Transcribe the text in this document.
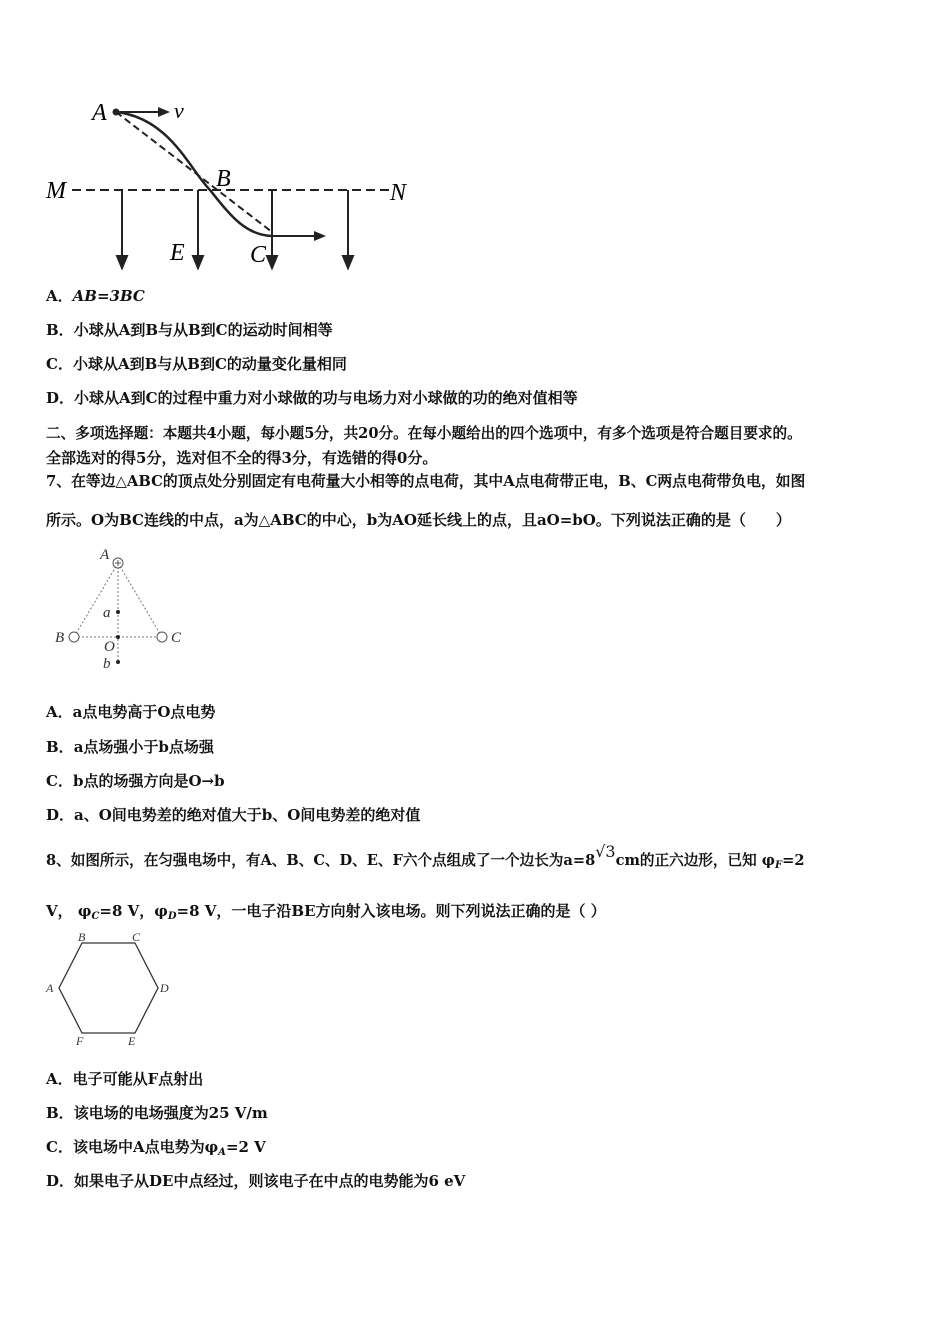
A	v
B
M	N
E	C
A．AB=3BC
B．小球从A到B与从B到C的运动时间相等
C．小球从A到B与从B到C的动量变化量相同
D．小球从A到C的过程中重力对小球做的功与电场力对小球做的功的绝对值相等
二、多项选择题：本题共4小题，每小题5分，共20分。在每小题给出的四个选项中，有多个选项是符合题目要求的。
全部选对的得5分，选对但不全的得3分，有选错的得0分。
7、在等边△ABC的顶点处分别固定有电荷量大小相等的点电荷，其中A点电荷带正电，B、C两点电荷带负电，如图
所示。O为BC连线的中点，a为△ABC的中心，b为AO延长线上的点，且aO=bO。下列说法正确的是（　　）
A
a
B
O
C
b
A．a点电势高于O点电势
B．a点场强小于b点场强
C．b点的场强方向是O→b
D．a、O间电势差的绝对值大于b、O间电势差的绝对值
8、如图所示，在匀强电场中，有A、B、C、D、E、F六个点组成了一个边长为a=8√3cm的正六边形，已知 $\varphi_F=2$
V， $\varphi_C=8$ V，$\varphi_D=8$ V，一电子沿BE方向射入该电场。则下列说法正确的是（ ）
B	C
A	D
F	E
A．电子可能从F点射出
B．该电场的电场强度为25 V/m
C．该电场中A点电势为$\varphi_A=2$ V
D．如果电子从DE中点经过，则该电子在中点的电势能为6 eV
